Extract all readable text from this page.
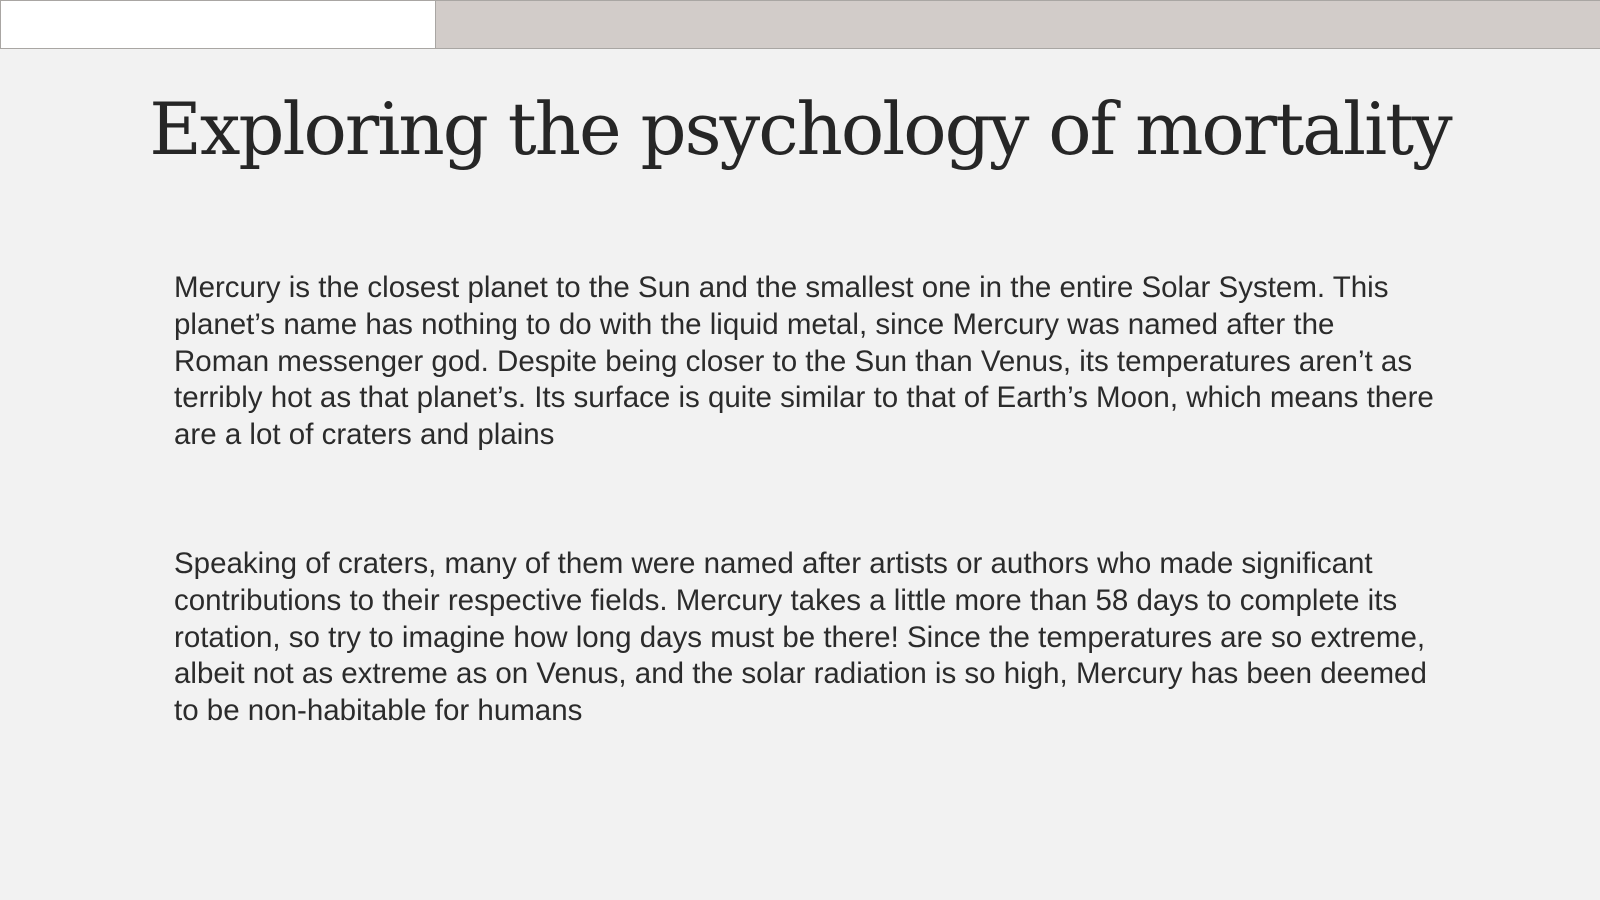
Exploring the psychology of mortality

Mercury is the closest planet to the Sun and the smallest one in the entire Solar System. This planet’s name has nothing to do with the liquid metal, since Mercury was named after the Roman messenger god. Despite being closer to the Sun than Venus, its temperatures aren’t as terribly hot as that planet’s. Its surface is quite similar to that of Earth’s Moon, which means there are a lot of craters and plains

Speaking of craters, many of them were named after artists or authors who made significant contributions to their respective fields. Mercury takes a little more than 58 days to complete its rotation, so try to imagine how long days must be there! Since the temperatures are so extreme, albeit not as extreme as on Venus, and the solar radiation is so high, Mercury has been deemed to be non-habitable for humans
